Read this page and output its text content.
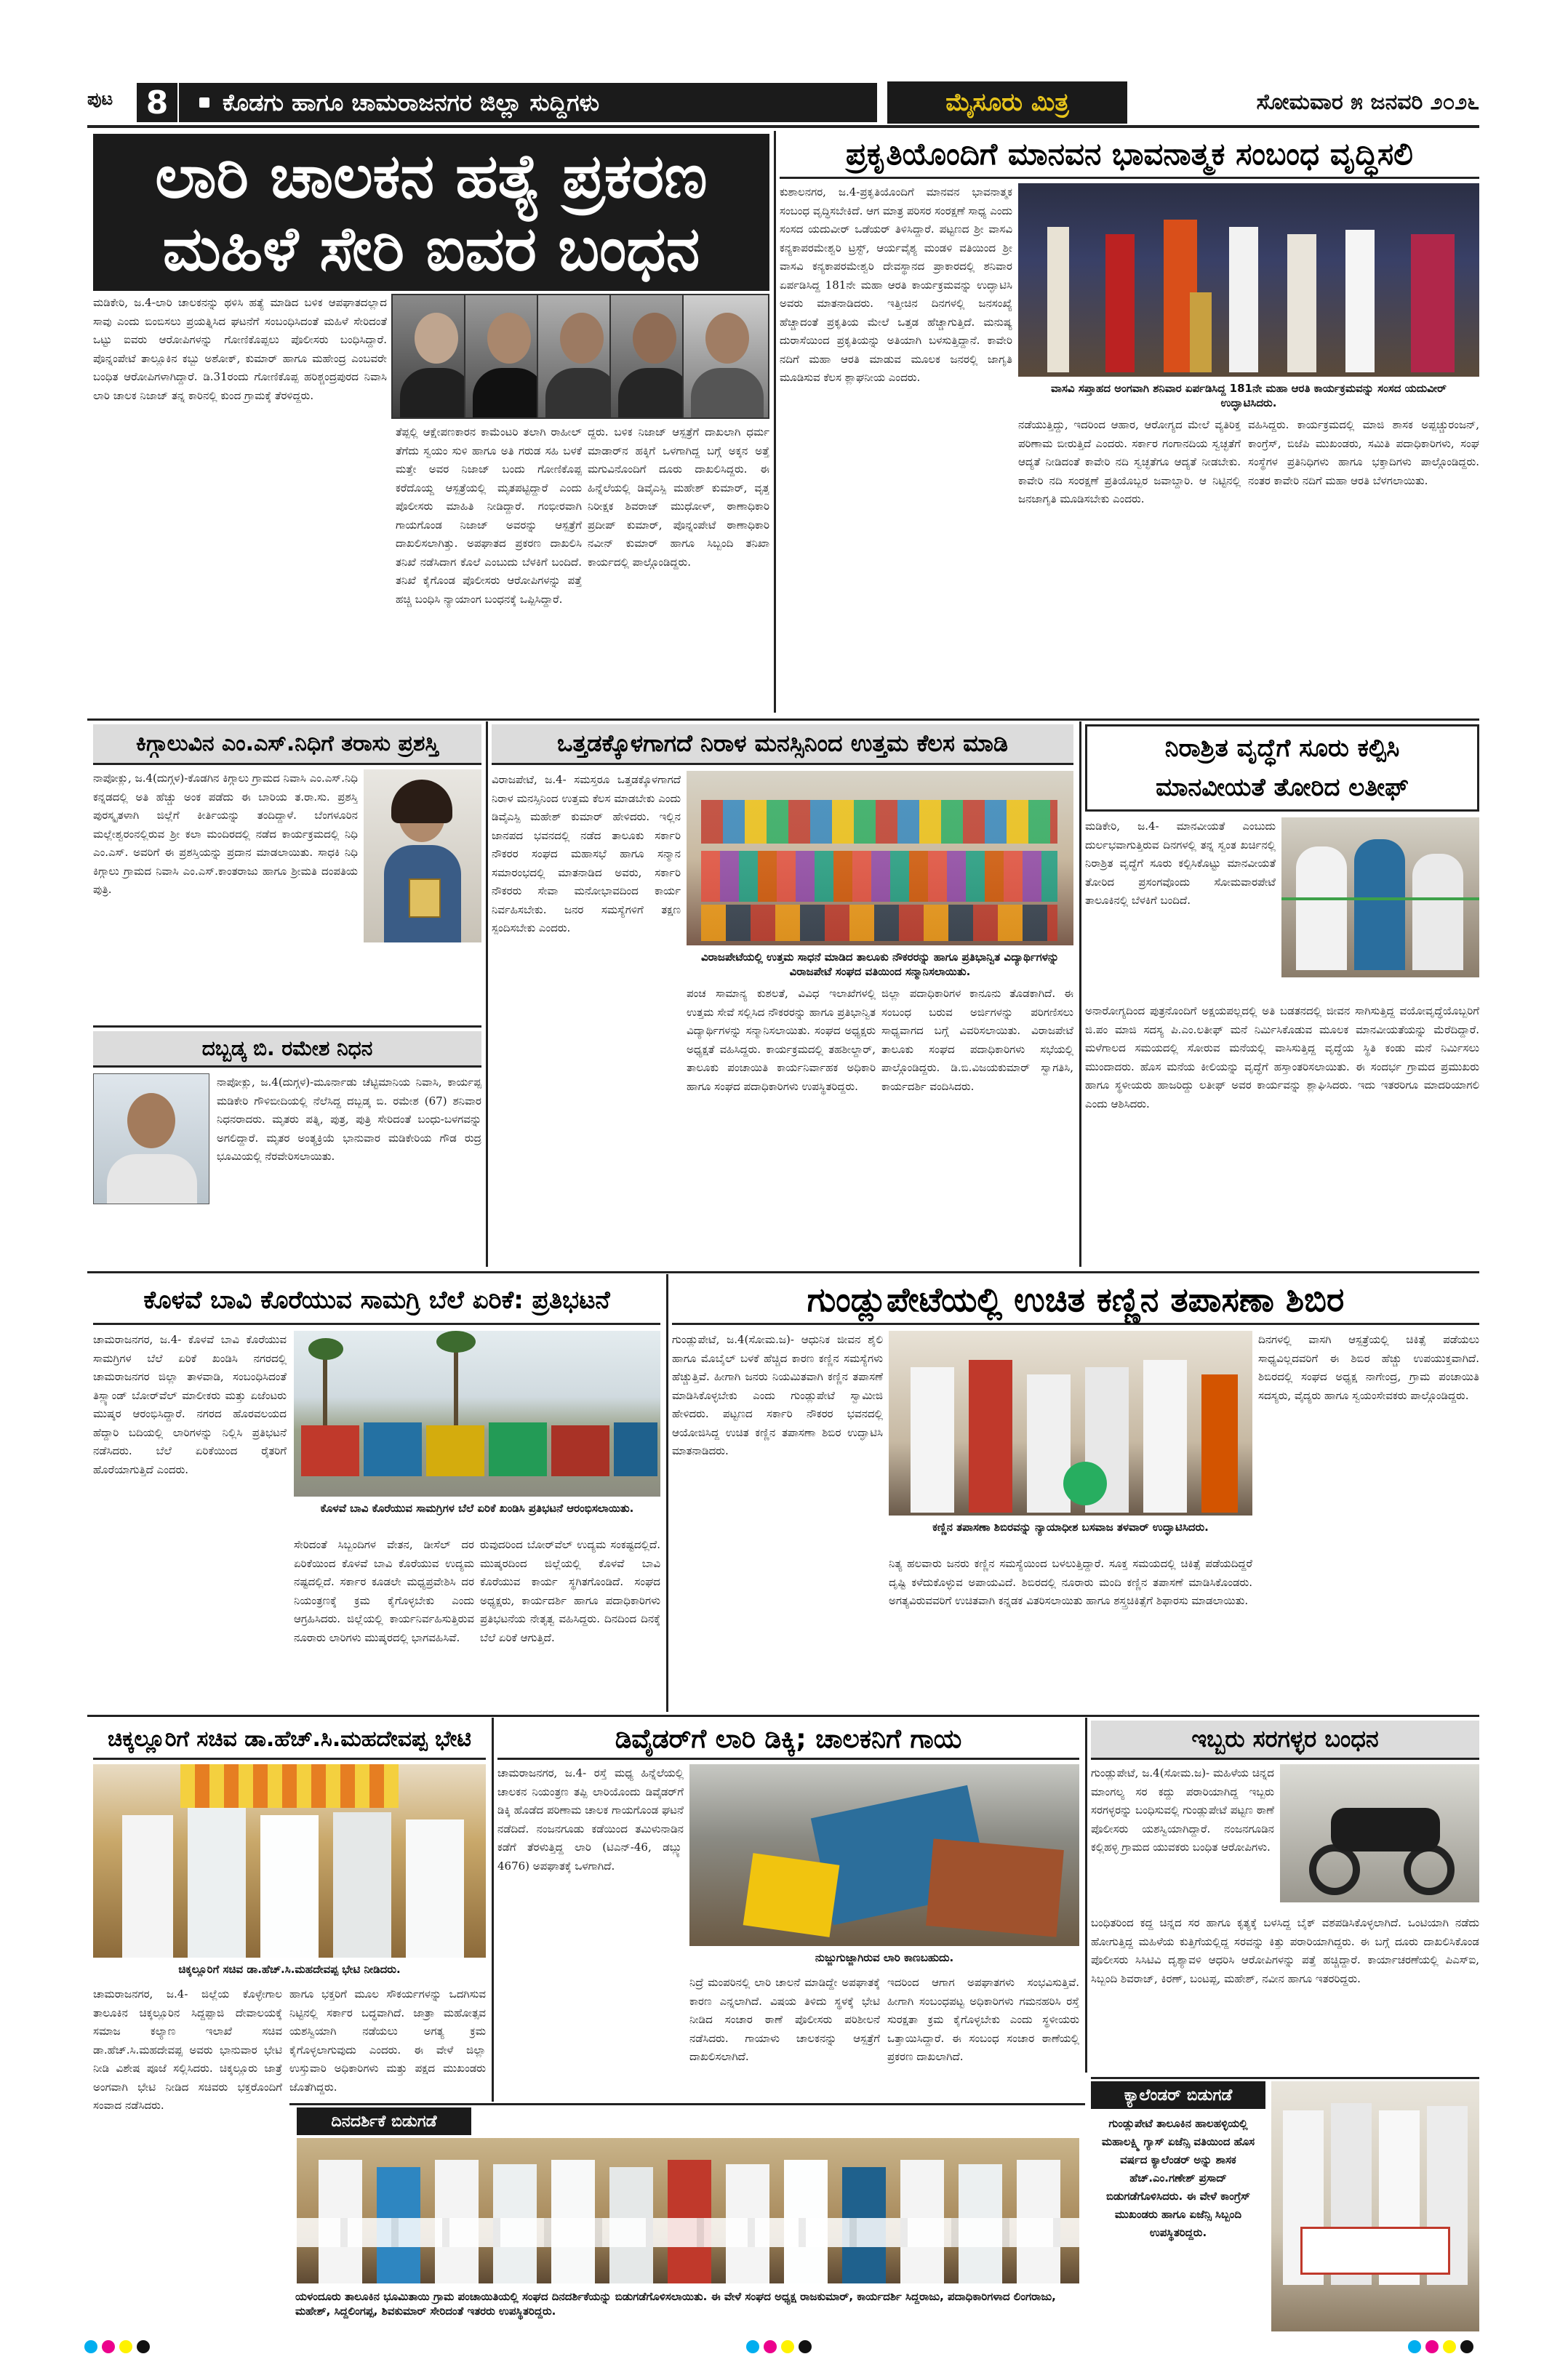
ಪುಟ	8	ಕೊಡಗು ಹಾಗೂ ಚಾಮರಾಜನಗರ ಜಿಲ್ಲಾ ಸುದ್ದಿಗಳು	ಮೈಸೂರು ಮಿತ್ರ	ಸೋಮವಾರ ೫ ಜನವರಿ ೨೦೨೬
ಲಾರಿ ಚಾಲಕನ ಹತ್ಯೆ ಪ್ರಕರಣ
ಮಹಿಳೆ ಸೇರಿ ಐವರ ಬಂಧನ
ಮಡಿಕೇರಿ, ಜ.4-ಲಾರಿ ಚಾಲಕನನ್ನು ಥಳಿಸಿ ಹತ್ಯೆ ಮಾಡಿದ ಬಳಿಕ ಆಪಘಾತದಲ್ಲಾದ ಸಾವು ಎಂದು ಬಿಂಬಿಸಲು ಪ್ರಯತ್ನಿಸಿದ ಘಟನೆಗೆ ಸಂಬಂಧಿಸಿದಂತೆ ಮಹಿಳೆ ಸೇರಿದಂತೆ ಒಟ್ಟು ಐವರು ಆರೋಪಿಗಳನ್ನು ಗೋಣಿಕೊಪ್ಪಲು ಪೊಲೀಸರು ಬಂಧಿಸಿದ್ದಾರೆ. ಪೊನ್ನಂಪೇಟೆ ತಾಲ್ಲೂಕಿನ ಕಬ್ಬು ಅಶೋಕ್, ಕುಮಾರ್ ಹಾಗೂ ಮಹೇಂದ್ರ ಎಂಬವರೇ ಬಂಧಿತ ಆರೋಪಿಗಳಾಗಿದ್ದಾರೆ. ಡಿ.31ರಂದು ಗೋಣಿಕೊಪ್ಪ ಹರಿಶ್ಚಂದ್ರಪುರದ ನಿವಾಸಿ ಲಾರಿ ಚಾಲಕ ನಿಜಾಜ್ ತನ್ನ ಕಾರಿನಲ್ಲಿ ಕುಂದ ಗ್ರಾಮಕ್ಕೆ ತೆರಳಿದ್ದರು.
ತೆಪ್ಪಲ್ಲಿ ಆಕ್ಷೇಪಣಕಾರನ ಕಾಮೆಂಟರಿ ತಲಾಗಿ ರಾಹೀಲ್ ತೆಗೆದು ಸ್ವಯಂ ಸುಳಿ ಹಾಗೂ ಅತಿ ಗರುಡ ಸಹಿ ಬಳಕೆ ಮತ್ತೇ ಅವರ ನಿಜಾಜ್ ಬಂದು ಗೋಣಿಕೊಪ್ಪ ಕರೆದೊಯ್ದ ಆಸ್ಪತ್ರೆಯಲ್ಲಿ ಮೃತಪಟ್ಟಿದ್ದಾರೆ ಎಂದು ಪೊಲೀಸರು ಮಾಹಿತಿ ನೀಡಿದ್ದಾರೆ. ಗಂಭೀರವಾಗಿ ಗಾಯಗೊಂಡ ನಿಜಾಜ್ ಅವರನ್ನು ಆಸ್ಪತ್ರೆಗೆ ದಾಖಲಿಸಲಾಗಿತ್ತು. ಅಪಘಾತದ ಪ್ರಕರಣ ದಾಖಲಿಸಿ ತನಿಖೆ ನಡೆಸಿದಾಗ ಕೊಲೆ ಎಂಬುದು ಬೆಳಕಿಗೆ ಬಂದಿದೆ. ತನಿಖೆ ಕೈಗೊಂಡ ಪೊಲೀಸರು ಆರೋಪಿಗಳನ್ನು ಪತ್ತೆ ಹಚ್ಚಿ ಬಂಧಿಸಿ ನ್ಯಾಯಾಂಗ ಬಂಧನಕ್ಕೆ ಒಪ್ಪಿಸಿದ್ದಾರೆ.
ದ್ದರು. ಬಳಿಕ ನಿಜಾಜ್ ಆಸ್ಪತ್ರೆಗೆ ದಾಖಲಾಗಿ ಧರ್ಮ ಮಾಡಾರ್‌ನ ಹಕ್ಕಿಗೆ ಒಳಗಾಗಿದ್ದ ಬಗ್ಗೆ ಅಕ್ಕನ ಅತ್ತೆ ಮಗುವಿನೊಂದಿಗೆ ದೂರು ದಾಖಲಿಸಿದ್ದರು. ಈ ಹಿನ್ನೆಲೆಯಲ್ಲಿ ಡಿವೈಎಸ್ಪಿ ಮಹೇಶ್ ಕುಮಾರ್, ವೃತ್ತ ನಿರೀಕ್ಷಕ ಶಿವರಾಜ್ ಮುಧೋಳ್, ಠಾಣಾಧಿಕಾರಿ ಪ್ರದೀಪ್ ಕುಮಾರ್, ಪೊನ್ನಂಪೇಟೆ ಠಾಣಾಧಿಕಾರಿ ನವೀನ್ ಕುಮಾರ್ ಹಾಗೂ ಸಿಬ್ಬಂದಿ ತನಿಖಾ ಕಾರ್ಯದಲ್ಲಿ ಪಾಲ್ಗೊಂಡಿದ್ದರು.
ಪ್ರಕೃತಿಯೊಂದಿಗೆ ಮಾನವನ ಭಾವನಾತ್ಮಕ ಸಂಬಂಧ ವೃದ್ಧಿಸಲಿ
ಕುಶಾಲನಗರ, ಜ.4-ಪ್ರಕೃತಿಯೊಂದಿಗೆ ಮಾನವನ ಭಾವನಾತ್ಮಕ ಸಂಬಂಧ ವೃದ್ಧಿಸಬೇಕಿದೆ. ಆಗ ಮಾತ್ರ ಪರಿಸರ ಸಂರಕ್ಷಣೆ ಸಾಧ್ಯ ಎಂದು ಸಂಸದ ಯದುವೀರ್ ಒಡೆಯರ್ ತಿಳಿಸಿದ್ದಾರೆ. ಪಟ್ಟಣದ ಶ್ರೀ ವಾಸವಿ ಕನ್ಯಕಾಪರಮೇಶ್ವರಿ ಟ್ರಸ್ಟ್, ಆರ್ಯವೈಶ್ಯ ಮಂಡಳಿ ವತಿಯಿಂದ ಶ್ರೀ ವಾಸವಿ ಕನ್ಯಕಾಪರಮೇಶ್ವರಿ ದೇವಸ್ಥಾನದ ಪ್ರಾಕಾರದಲ್ಲಿ ಶನಿವಾರ ಏರ್ಪಡಿಸಿದ್ದ 181ನೇ ಮಹಾ ಆರತಿ ಕಾರ್ಯಕ್ರಮವನ್ನು ಉದ್ಘಾಟಿಸಿ ಅವರು ಮಾತನಾಡಿದರು. ಇತ್ತೀಚಿನ ದಿನಗಳಲ್ಲಿ ಜನಸಂಖ್ಯೆ ಹೆಚ್ಚಾದಂತೆ ಪ್ರಕೃತಿಯ ಮೇಲೆ ಒತ್ತಡ ಹೆಚ್ಚಾಗುತ್ತಿದೆ. ಮನುಷ್ಯ ದುರಾಸೆಯಿಂದ ಪ್ರಕೃತಿಯನ್ನು ಅತಿಯಾಗಿ ಬಳಸುತ್ತಿದ್ದಾನೆ. ಕಾವೇರಿ ನದಿಗೆ ಮಹಾ ಆರತಿ ಮಾಡುವ ಮೂಲಕ ಜನರಲ್ಲಿ ಜಾಗೃತಿ ಮೂಡಿಸುವ ಕೆಲಸ ಶ್ಲಾಘನೀಯ ಎಂದರು.
ವಾಸವಿ ಸಪ್ತಾಹದ ಅಂಗವಾಗಿ ಶನಿವಾರ ಏರ್ಪಡಿಸಿದ್ದ 181ನೇ ಮಹಾ ಆರತಿ ಕಾರ್ಯಕ್ರಮವನ್ನು ಸಂಸದ ಯದುವೀರ್ ಉದ್ಘಾಟಿಸಿದರು.
ನಡೆಯುತ್ತಿದ್ದು, ಇದರಿಂದ ಆಹಾರ, ಆರೋಗ್ಯದ ಮೇಲೆ ವ್ಯತಿರಿಕ್ತ ಪರಿಣಾಮ ಬೀರುತ್ತಿದೆ ಎಂದರು. ಸರ್ಕಾರ ಗಂಗಾನದಿಯ ಸ್ವಚ್ಛತೆಗೆ ಆದ್ಯತೆ ನೀಡಿದಂತೆ ಕಾವೇರಿ ನದಿ ಸ್ವಚ್ಛತೆಗೂ ಆದ್ಯತೆ ನೀಡಬೇಕು. ಕಾವೇರಿ ನದಿ ಸಂರಕ್ಷಣೆ ಪ್ರತಿಯೊಬ್ಬರ ಜವಾಬ್ದಾರಿ. ಆ ನಿಟ್ಟಿನಲ್ಲಿ ಜನಜಾಗೃತಿ ಮೂಡಿಸಬೇಕು ಎಂದರು.
ವಹಿಸಿದ್ದರು. ಕಾರ್ಯಕ್ರಮದಲ್ಲಿ ಮಾಜಿ ಶಾಸಕ ಅಪ್ಪಚ್ಚುರಂಜನ್, ಕಾಂಗ್ರೆಸ್, ಬಿಜೆಪಿ ಮುಖಂಡರು, ಸಮಿತಿ ಪದಾಧಿಕಾರಿಗಳು, ಸಂಘ ಸಂಸ್ಥೆಗಳ ಪ್ರತಿನಿಧಿಗಳು ಹಾಗೂ ಭಕ್ತಾದಿಗಳು ಪಾಲ್ಗೊಂಡಿದ್ದರು. ನಂತರ ಕಾವೇರಿ ನದಿಗೆ ಮಹಾ ಆರತಿ ಬೆಳಗಲಾಯಿತು.
ಕಿಗ್ಗಾಲುವಿನ ಎಂ.ಎಸ್.ನಿಧಿಗೆ ತರಾಸು ಪ್ರಶಸ್ತಿ
ನಾಪೋಕ್ಲು, ಜ.4(ದುಗ್ಗಳ)-ಕೊಡಗಿನ ಕಿಗ್ಗಾಲು ಗ್ರಾಮದ ನಿವಾಸಿ ಎಂ.ಎಸ್.ನಿಧಿ ಕನ್ನಡದಲ್ಲಿ ಅತಿ ಹೆಚ್ಚು ಅಂಕ ಪಡೆದು ಈ ಬಾರಿಯ ತ.ರಾ.ಸು. ಪ್ರಶಸ್ತಿ ಪುರಸ್ಕೃತಳಾಗಿ ಜಿಲ್ಲೆಗೆ ಕೀರ್ತಿಯನ್ನು ತಂದಿದ್ದಾಳೆ. ಬೆಂಗಳೂರಿನ ಮಲ್ಲೇಶ್ವರಂನಲ್ಲಿರುವ ಶ್ರೀ ಕಲಾ ಮಂದಿರದಲ್ಲಿ ನಡೆದ ಕಾರ್ಯಕ್ರಮದಲ್ಲಿ ನಿಧಿ ಎಂ.ಎಸ್. ಅವರಿಗೆ ಈ ಪ್ರಶಸ್ತಿಯನ್ನು ಪ್ರದಾನ ಮಾಡಲಾಯಿತು. ಸಾಧಕಿ ನಿಧಿ ಕಿಗ್ಗಾಲು ಗ್ರಾಮದ ನಿವಾಸಿ ಎಂ.ಎಸ್.ಕಾಂತರಾಜು ಹಾಗೂ ಶ್ರೀಮತಿ ದಂಪತಿಯ ಪುತ್ರಿ.
ದಬ್ಬಡ್ಕ ಬಿ. ರಮೇಶ ನಿಧನ
ನಾಪೋಕ್ಲು, ಜ.4(ದುಗ್ಗಳ)-ಮೂರ್ನಾಡು ಚೆಟ್ಟಿಮಾನಿಯ ನಿವಾಸಿ, ಕಾರ್ಯಪ್ಪ ಮಡಿಕೇರಿ ಗೌಳಿಬೀದಿಯಲ್ಲಿ ನೆಲೆಸಿದ್ದ ದಬ್ಬಡ್ಕ ಬಿ. ರಮೇಶ (67) ಶನಿವಾರ ನಿಧನರಾದರು. ಮೃತರು ಪತ್ನಿ, ಪುತ್ರ, ಪುತ್ರಿ ಸೇರಿದಂತೆ ಬಂಧು-ಬಳಗವನ್ನು ಅಗಲಿದ್ದಾರೆ. ಮೃತರ ಅಂತ್ಯಕ್ರಿಯೆ ಭಾನುವಾರ ಮಡಿಕೇರಿಯ ಗೌಡ ರುದ್ರ ಭೂಮಿಯಲ್ಲಿ ನೆರವೇರಿಸಲಾಯಿತು.
ಒತ್ತಡಕ್ಕೊಳಗಾಗದೆ ನಿರಾಳ ಮನಸ್ಸಿನಿಂದ ಉತ್ತಮ ಕೆಲಸ ಮಾಡಿ
ವಿರಾಜಪೇಟೆ, ಜ.4- ಸಮಸ್ತರೂ ಒತ್ತಡಕ್ಕೊಳಗಾಗದೆ ನಿರಾಳ ಮನಸ್ಸಿನಿಂದ ಉತ್ತಮ ಕೆಲಸ ಮಾಡಬೇಕು ಎಂದು ಡಿವೈಎಸ್ಪಿ ಮಹೇಶ್ ಕುಮಾರ್ ಹೇಳಿದರು. ಇಲ್ಲಿನ ಜಾನಪದ ಭವನದಲ್ಲಿ ನಡೆದ ತಾಲೂಕು ಸರ್ಕಾರಿ ನೌಕರರ ಸಂಘದ ಮಹಾಸಭೆ ಹಾಗೂ ಸನ್ಮಾನ ಸಮಾರಂಭದಲ್ಲಿ ಮಾತನಾಡಿದ ಅವರು, ಸರ್ಕಾರಿ ನೌಕರರು ಸೇವಾ ಮನೋಭಾವದಿಂದ ಕಾರ್ಯ ನಿರ್ವಹಿಸಬೇಕು. ಜನರ ಸಮಸ್ಯೆಗಳಿಗೆ ತಕ್ಷಣ ಸ್ಪಂದಿಸಬೇಕು ಎಂದರು.
ವಿರಾಜಪೇಟೆಯಲ್ಲಿ ಉತ್ತಮ ಸಾಧನೆ ಮಾಡಿದ ತಾಲೂಕು ನೌಕರರನ್ನು ಹಾಗೂ ಪ್ರತಿಭಾನ್ವಿತ ವಿದ್ಯಾರ್ಥಿಗಳನ್ನು ವಿರಾಜಪೇಟೆ ಸಂಘದ ವತಿಯಿಂದ ಸನ್ಮಾನಿಸಲಾಯಿತು.
ಪಂಚ ಸಾಮಾನ್ಯ ಕುಶಲತೆ, ವಿವಿಧ ಇಲಾಖೆಗಳಲ್ಲಿ ಉತ್ತಮ ಸೇವೆ ಸಲ್ಲಿಸಿದ ನೌಕರರನ್ನು ಹಾಗೂ ಪ್ರತಿಭಾನ್ವಿತ ವಿದ್ಯಾರ್ಥಿಗಳನ್ನು ಸನ್ಮಾನಿಸಲಾಯಿತು. ಸಂಘದ ಅಧ್ಯಕ್ಷರು ಅಧ್ಯಕ್ಷತೆ ವಹಿಸಿದ್ದರು. ಕಾರ್ಯಕ್ರಮದಲ್ಲಿ ತಹಶೀಲ್ದಾರ್, ತಾಲೂಕು ಪಂಚಾಯಿತಿ ಕಾರ್ಯನಿರ್ವಾಹಕ ಅಧಿಕಾರಿ ಹಾಗೂ ಸಂಘದ ಪದಾಧಿಕಾರಿಗಳು ಉಪಸ್ಥಿತರಿದ್ದರು.
ಜಿಲ್ಲಾ ಪದಾಧಿಕಾರಿಗಳ ಕಾನೂನು ತೊಡಕಾಗಿದೆ. ಈ ಸಂಬಂಧ ಬರುವ ಅರ್ಜಿಗಳನ್ನು ಪರಿಗಣಿಸಲು ಸಾಧ್ಯವಾಗದ ಬಗ್ಗೆ ವಿವರಿಸಲಾಯಿತು. ವಿರಾಜಪೇಟೆ ತಾಲೂಕು ಸಂಘದ ಪದಾಧಿಕಾರಿಗಳು ಸಭೆಯಲ್ಲಿ ಪಾಲ್ಗೊಂಡಿದ್ದರು. ಡಿ.ಬಿ.ವಿಜಯಕುಮಾರ್ ಸ್ವಾಗತಿಸಿ, ಕಾರ್ಯದರ್ಶಿ ವಂದಿಸಿದರು.
ನಿರಾಶ್ರಿತ ವೃದ್ಧೆಗೆ ಸೂರು ಕಲ್ಪಿಸಿ
ಮಾನವೀಯತೆ ತೋರಿದ ಲತೀಫ್
ಮಡಿಕೇರಿ, ಜ.4- ಮಾನವೀಯತೆ ಎಂಬುದು ದುರ್ಲಭವಾಗುತ್ತಿರುವ ದಿನಗಳಲ್ಲಿ ತನ್ನ ಸ್ವಂತ ಖರ್ಚಿನಲ್ಲಿ ನಿರಾಶ್ರಿತ ವೃದ್ಧೆಗೆ ಸೂರು ಕಲ್ಪಿಸಿಕೊಟ್ಟು ಮಾನವೀಯತೆ ತೋರಿದ ಪ್ರಸಂಗವೊಂದು ಸೋಮವಾರಪೇಟೆ ತಾಲೂಕಿನಲ್ಲಿ ಬೆಳಕಿಗೆ ಬಂದಿದೆ.
ಅನಾರೋಗ್ಯದಿಂದ ಪುತ್ರನೊಂದಿಗೆ ಅಕ್ಷಯಪಲ್ಲದಲ್ಲಿ ಅತಿ ಬಡತನದಲ್ಲಿ ಜೀವನ ಸಾಗಿಸುತ್ತಿದ್ದ ವಯೋವೃದ್ಧೆಯೊಬ್ಬರಿಗೆ ಜಿ.ಪಂ ಮಾಜಿ ಸದಸ್ಯ ಪಿ.ಎಂ.ಲತೀಫ್ ಮನೆ ನಿರ್ಮಿಸಿಕೊಡುವ ಮೂಲಕ ಮಾನವೀಯತೆಯನ್ನು ಮೆರೆದಿದ್ದಾರೆ. ಮಳೆಗಾಲದ ಸಮಯದಲ್ಲಿ ಸೋರುವ ಮನೆಯಲ್ಲಿ ವಾಸಿಸುತ್ತಿದ್ದ ವೃದ್ಧೆಯ ಸ್ಥಿತಿ ಕಂಡು ಮನೆ ನಿರ್ಮಿಸಲು ಮುಂದಾದರು. ಹೊಸ ಮನೆಯ ಕೀಲಿಯನ್ನು ವೃದ್ಧೆಗೆ ಹಸ್ತಾಂತರಿಸಲಾಯಿತು. ಈ ಸಂದರ್ಭ ಗ್ರಾಮದ ಪ್ರಮುಖರು ಹಾಗೂ ಸ್ಥಳೀಯರು ಹಾಜರಿದ್ದು ಲತೀಫ್ ಅವರ ಕಾರ್ಯವನ್ನು ಶ್ಲಾಘಿಸಿದರು. ಇದು ಇತರರಿಗೂ ಮಾದರಿಯಾಗಲಿ ಎಂದು ಆಶಿಸಿದರು.
ಕೊಳವೆ ಬಾವಿ ಕೊರೆಯುವ ಸಾಮಗ್ರಿ ಬೆಲೆ ಏರಿಕೆ: ಪ್ರತಿಭಟನೆ
ಚಾಮರಾಜನಗರ, ಜ.4- ಕೊಳವೆ ಬಾವಿ ಕೊರೆಯುವ ಸಾಮಗ್ರಿಗಳ ಬೆಲೆ ಏರಿಕೆ ಖಂಡಿಸಿ ನಗರದಲ್ಲಿ ಚಾಮರಾಜನಗರ ಜಿಲ್ಲಾ ತಾಳವಾಡಿ, ಸಂಬಂಧಿಸಿದಂತೆ ತಿಸ್ಲ್ಯಾಂಡ್ ಬೋರ್‌ವೆಲ್ ಮಾಲೀಕರು ಮತ್ತು ಏಜೆಂಟರು ಮುಷ್ಕರ ಆರಂಭಿಸಿದ್ದಾರೆ. ನಗರದ ಹೊರವಲಯದ ಹೆದ್ದಾರಿ ಬದಿಯಲ್ಲಿ ಲಾರಿಗಳನ್ನು ನಿಲ್ಲಿಸಿ ಪ್ರತಿಭಟನೆ ನಡೆಸಿದರು. ಬೆಲೆ ಏರಿಕೆಯಿಂದ ರೈತರಿಗೆ ಹೊರೆಯಾಗುತ್ತಿದೆ ಎಂದರು.
ಕೊಳವೆ ಬಾವಿ ಕೊರೆಯುವ ಸಾಮಗ್ರಿಗಳ ಬೆಲೆ ಏರಿಕೆ ಖಂಡಿಸಿ ಪ್ರತಿಭಟನೆ ಆರಂಭಿಸಲಾಯಿತು.
ಸೇರಿದಂತೆ ಸಿಬ್ಬಂದಿಗಳ ವೇತನ, ಡೀಸೆಲ್ ದರ ಏರಿಕೆಯಿಂದ ಕೊಳವೆ ಬಾವಿ ಕೊರೆಯುವ ಉದ್ಯಮ ನಷ್ಟದಲ್ಲಿದೆ. ಸರ್ಕಾರ ಕೂಡಲೇ ಮಧ್ಯಪ್ರವೇಶಿಸಿ ದರ ನಿಯಂತ್ರಣಕ್ಕೆ ಕ್ರಮ ಕೈಗೊಳ್ಳಬೇಕು ಎಂದು ಆಗ್ರಹಿಸಿದರು. ಜಿಲ್ಲೆಯಲ್ಲಿ ಕಾರ್ಯನಿರ್ವಹಿಸುತ್ತಿರುವ ನೂರಾರು ಲಾರಿಗಳು ಮುಷ್ಕರದಲ್ಲಿ ಭಾಗವಹಿಸಿವೆ.
ರುವುದರಿಂದ ಬೋರ್‌ವೆಲ್ ಉದ್ಯಮ ಸಂಕಷ್ಟದಲ್ಲಿದೆ. ಮುಷ್ಕರದಿಂದ ಜಿಲ್ಲೆಯಲ್ಲಿ ಕೊಳವೆ ಬಾವಿ ಕೊರೆಯುವ ಕಾರ್ಯ ಸ್ಥಗಿತಗೊಂಡಿದೆ. ಸಂಘದ ಅಧ್ಯಕ್ಷರು, ಕಾರ್ಯದರ್ಶಿ ಹಾಗೂ ಪದಾಧಿಕಾರಿಗಳು ಪ್ರತಿಭಟನೆಯ ನೇತೃತ್ವ ವಹಿಸಿದ್ದರು. ದಿನದಿಂದ ದಿನಕ್ಕೆ ಬೆಲೆ ಏರಿಕೆ ಆಗುತ್ತಿದೆ.
ಗುಂಡ್ಲುಪೇಟೆಯಲ್ಲಿ ಉಚಿತ ಕಣ್ಣಿನ ತಪಾಸಣಾ ಶಿಬಿರ
ಗುಂಡ್ಲುಪೇಟೆ, ಜ.4(ಸೋಮ.ಜ)- ಆಧುನಿಕ ಜೀವನ ಶೈಲಿ ಹಾಗೂ ಮೊಬೈಲ್ ಬಳಕೆ ಹೆಚ್ಚಿದ ಕಾರಣ ಕಣ್ಣಿನ ಸಮಸ್ಯೆಗಳು ಹೆಚ್ಚುತ್ತಿವೆ. ಹೀಗಾಗಿ ಜನರು ನಿಯಮಿತವಾಗಿ ಕಣ್ಣಿನ ತಪಾಸಣೆ ಮಾಡಿಸಿಕೊಳ್ಳಬೇಕು ಎಂದು ಗುಂಡ್ಲುಪೇಟೆ ಸ್ವಾಮೀಜಿ ಹೇಳಿದರು. ಪಟ್ಟಣದ ಸರ್ಕಾರಿ ನೌಕರರ ಭವನದಲ್ಲಿ ಆಯೋಜಿಸಿದ್ದ ಉಚಿತ ಕಣ್ಣಿನ ತಪಾಸಣಾ ಶಿಬಿರ ಉದ್ಘಾಟಿಸಿ ಮಾತನಾಡಿದರು.
ಕಣ್ಣಿನ ತಪಾಸಣಾ ಶಿಬಿರವನ್ನು ನ್ಯಾಯಾಧೀಶ ಬಸವಾಜ ತಳವಾರ್ ಉದ್ಘಾಟಿಸಿದರು.
ನಿತ್ಯ ಹಲವಾರು ಜನರು ಕಣ್ಣಿನ ಸಮಸ್ಯೆಯಿಂದ ಬಳಲುತ್ತಿದ್ದಾರೆ. ಸೂಕ್ತ ಸಮಯದಲ್ಲಿ ಚಿಕಿತ್ಸೆ ಪಡೆಯದಿದ್ದರೆ ದೃಷ್ಟಿ ಕಳೆದುಕೊಳ್ಳುವ ಅಪಾಯವಿದೆ. ಶಿಬಿರದಲ್ಲಿ ನೂರಾರು ಮಂದಿ ಕಣ್ಣಿನ ತಪಾಸಣೆ ಮಾಡಿಸಿಕೊಂಡರು. ಅಗತ್ಯವಿರುವವರಿಗೆ ಉಚಿತವಾಗಿ ಕನ್ನಡಕ ವಿತರಿಸಲಾಯಿತು ಹಾಗೂ ಶಸ್ತ್ರಚಿಕಿತ್ಸೆಗೆ ಶಿಫಾರಸು ಮಾಡಲಾಯಿತು.
ದಿನಗಳಲ್ಲಿ ವಾಸಗಿ ಆಸ್ಪತ್ರೆಯಲ್ಲಿ ಚಿಕಿತ್ಸೆ ಪಡೆಯಲು ಸಾಧ್ಯವಿಲ್ಲದವರಿಗೆ ಈ ಶಿಬಿರ ಹೆಚ್ಚು ಉಪಯುಕ್ತವಾಗಿದೆ. ಶಿಬಿರದಲ್ಲಿ ಸಂಘದ ಅಧ್ಯಕ್ಷ ನಾಗೇಂದ್ರ, ಗ್ರಾಮ ಪಂಚಾಯಿತಿ ಸದಸ್ಯರು, ವೈದ್ಯರು ಹಾಗೂ ಸ್ವಯಂಸೇವಕರು ಪಾಲ್ಗೊಂಡಿದ್ದರು.
ಚಿಕ್ಕಲ್ಲೂರಿಗೆ ಸಚಿವ ಡಾ.ಹೆಚ್.ಸಿ.ಮಹದೇವಪ್ಪ ಭೇಟಿ
ಚಿಕ್ಕಲ್ಲೂರಿಗೆ ಸಚಿವ ಡಾ.ಹೆಚ್.ಸಿ.ಮಹದೇವಪ್ಪ ಭೇಟಿ ನೀಡಿದರು.
ಚಾಮರಾಜನಗರ, ಜ.4- ಜಿಲ್ಲೆಯ ಕೊಳ್ಳೇಗಾಲ ತಾಲೂಕಿನ ಚಿಕ್ಕಲ್ಲೂರಿನ ಸಿದ್ದಪ್ಪಾಜಿ ದೇವಾಲಯಕ್ಕೆ ಸಮಾಜ ಕಲ್ಯಾಣ ಇಲಾಖೆ ಸಚಿವ ಡಾ.ಹೆಚ್.ಸಿ.ಮಹದೇವಪ್ಪ ಅವರು ಭಾನುವಾರ ಭೇಟಿ ನೀಡಿ ವಿಶೇಷ ಪೂಜೆ ಸಲ್ಲಿಸಿದರು. ಚಿಕ್ಕಲ್ಲೂರು ಜಾತ್ರೆ ಅಂಗವಾಗಿ ಭೇಟಿ ನೀಡಿದ ಸಚಿವರು ಭಕ್ತರೊಂದಿಗೆ ಸಂವಾದ ನಡೆಸಿದರು.
ಹಾಗೂ ಭಕ್ತರಿಗೆ ಮೂಲ ಸೌಕರ್ಯಗಳನ್ನು ಒದಗಿಸುವ ನಿಟ್ಟಿನಲ್ಲಿ ಸರ್ಕಾರ ಬದ್ಧವಾಗಿದೆ. ಜಾತ್ರಾ ಮಹೋತ್ಸವ ಯಶಸ್ವಿಯಾಗಿ ನಡೆಯಲು ಅಗತ್ಯ ಕ್ರಮ ಕೈಗೊಳ್ಳಲಾಗುವುದು ಎಂದರು. ಈ ವೇಳೆ ಜಿಲ್ಲಾ ಉಸ್ತುವಾರಿ ಅಧಿಕಾರಿಗಳು ಮತ್ತು ಪಕ್ಷದ ಮುಖಂಡರು ಜೊತೆಗಿದ್ದರು.
ಡಿವೈಡರ್‌ಗೆ ಲಾರಿ ಡಿಕ್ಕಿ; ಚಾಲಕನಿಗೆ ಗಾಯ
ಚಾಮರಾಜನಗರ, ಜ.4- ರಸ್ತೆ ಮಧ್ಯ ಹಿನ್ನೆಲೆಯಲ್ಲಿ ಚಾಲಕನ ನಿಯಂತ್ರಣ ತಪ್ಪಿ ಲಾರಿಯೊಂದು ಡಿವೈಡರ್‌ಗೆ ಡಿಕ್ಕಿ ಹೊಡೆದ ಪರಿಣಾಮ ಚಾಲಕ ಗಾಯಗೊಂಡ ಘಟನೆ ನಡೆದಿದೆ. ನಂಜನಗೂಡು ಕಡೆಯಿಂದ ತಮಿಳುನಾಡಿನ ಕಡೆಗೆ ತೆರಳುತ್ತಿದ್ದ ಲಾರಿ (ಟಿಎನ್-46, ಡಬ್ಲ್ಯು 4676) ಅಪಘಾತಕ್ಕೆ ಒಳಗಾಗಿದೆ.
ನುಜ್ಜುಗುಜ್ಜಾಗಿರುವ ಲಾರಿ ಕಾಣಬಹುದು.
ನಿದ್ರೆ ಮಂಪರಿನಲ್ಲಿ ಲಾರಿ ಚಾಲನೆ ಮಾಡಿದ್ದೇ ಅಪಘಾತಕ್ಕೆ ಕಾರಣ ಎನ್ನಲಾಗಿದೆ. ವಿಷಯ ತಿಳಿದು ಸ್ಥಳಕ್ಕೆ ಭೇಟಿ ನೀಡಿದ ಸಂಚಾರ ಠಾಣೆ ಪೊಲೀಸರು ಪರಿಶೀಲನೆ ನಡೆಸಿದರು. ಗಾಯಾಳು ಚಾಲಕನನ್ನು ಆಸ್ಪತ್ರೆಗೆ ದಾಖಲಿಸಲಾಗಿದೆ.
ಇದರಿಂದ ಆಗಾಗ ಅಪಘಾತಗಳು ಸಂಭವಿಸುತ್ತಿವೆ. ಹೀಗಾಗಿ ಸಂಬಂಧಪಟ್ಟ ಅಧಿಕಾರಿಗಳು ಗಮನಹರಿಸಿ ರಸ್ತೆ ಸುರಕ್ಷತಾ ಕ್ರಮ ಕೈಗೊಳ್ಳಬೇಕು ಎಂದು ಸ್ಥಳೀಯರು ಒತ್ತಾಯಿಸಿದ್ದಾರೆ. ಈ ಸಂಬಂಧ ಸಂಚಾರ ಠಾಣೆಯಲ್ಲಿ ಪ್ರಕರಣ ದಾಖಲಾಗಿದೆ.
ಇಬ್ಬರು ಸರಗಳ್ಳರ ಬಂಧನ
ಗುಂಡ್ಲುಪೇಟೆ, ಜ.4(ಸೋಮ.ಜ)- ಮಹಿಳೆಯ ಚಿನ್ನದ ಮಾಂಗಲ್ಯ ಸರ ಕದ್ದು ಪರಾರಿಯಾಗಿದ್ದ ಇಬ್ಬರು ಸರಗಳ್ಳರನ್ನು ಬಂಧಿಸುವಲ್ಲಿ ಗುಂಡ್ಲುಪೇಟೆ ಪಟ್ಟಣ ಠಾಣೆ ಪೊಲೀಸರು ಯಶಸ್ವಿಯಾಗಿದ್ದಾರೆ. ನಂಜನಗೂಡಿನ ಕಲ್ಲಿಹಳ್ಳಿ ಗ್ರಾಮದ ಯುವಕರು ಬಂಧಿತ ಆರೋಪಿಗಳು.
ಬಂಧಿತರಿಂದ ಕದ್ದ ಚಿನ್ನದ ಸರ ಹಾಗೂ ಕೃತ್ಯಕ್ಕೆ ಬಳಸಿದ್ದ ಬೈಕ್ ವಶಪಡಿಸಿಕೊಳ್ಳಲಾಗಿದೆ. ಒಂಟಿಯಾಗಿ ನಡೆದು ಹೋಗುತ್ತಿದ್ದ ಮಹಿಳೆಯ ಕುತ್ತಿಗೆಯಲ್ಲಿದ್ದ ಸರವನ್ನು ಕಿತ್ತು ಪರಾರಿಯಾಗಿದ್ದರು. ಈ ಬಗ್ಗೆ ದೂರು ದಾಖಲಿಸಿಕೊಂಡ ಪೊಲೀಸರು ಸಿಸಿಟಿವಿ ದೃಶ್ಯಾವಳಿ ಆಧರಿಸಿ ಆರೋಪಿಗಳನ್ನು ಪತ್ತೆ ಹಚ್ಚಿದ್ದಾರೆ. ಕಾರ್ಯಾಚರಣೆಯಲ್ಲಿ ಪಿಎಸ್ಐ, ಸಿಬ್ಬಂದಿ ಶಿವರಾಜ್, ಕಿರಣ್, ಬಂಟಪ್ಪ, ಮಹೇಶ್, ನವೀನ ಹಾಗೂ ಇತರರಿದ್ದರು.
ದಿನದರ್ಶಿಕೆ ಬಿಡುಗಡೆ
ಯಳಂದೂರು ತಾಲೂಕಿನ ಭೂಮಿತಾಯಿ ಗ್ರಾಮ ಪಂಚಾಯಿತಿಯಲ್ಲಿ ಸಂಘದ ದಿನದರ್ಶಿಕೆಯನ್ನು ಬಿಡುಗಡೆಗೊಳಿಸಲಾಯಿತು. ಈ ವೇಳೆ ಸಂಘದ ಅಧ್ಯಕ್ಷ ರಾಜಕುಮಾರ್, ಕಾರ್ಯದರ್ಶಿ ಸಿದ್ದರಾಜು, ಪದಾಧಿಕಾರಿಗಳಾದ ಲಿಂಗರಾಜು, ಮಹೇಶ್, ಸಿದ್ದಲಿಂಗಪ್ಪ, ಶಿವಕುಮಾರ್ ಸೇರಿದಂತೆ ಇತರರು ಉಪಸ್ಥಿತರಿದ್ದರು.
ಕ್ಯಾಲೆಂಡರ್ ಬಿಡುಗಡೆ
ಗುಂಡ್ಲುಪೇಟೆ ತಾಲೂಕಿನ ಹಾಲಹಳ್ಳಿಯಲ್ಲಿ ಮಹಾಲಕ್ಷ್ಮಿ ಗ್ಯಾಸ್ ಏಜೆನ್ಸಿ ವತಿಯಿಂದ ಹೊಸ ವರ್ಷದ ಕ್ಯಾಲೆಂಡರ್ ಅನ್ನು ಶಾಸಕ ಹೆಚ್.ಎಂ.ಗಣೇಶ್ ಪ್ರಸಾದ್ ಬಿಡುಗಡೆಗೊಳಿಸಿದರು. ಈ ವೇಳೆ ಕಾಂಗ್ರೆಸ್ ಮುಖಂಡರು ಹಾಗೂ ಏಜೆನ್ಸಿ ಸಿಬ್ಬಂದಿ ಉಪಸ್ಥಿತರಿದ್ದರು.
